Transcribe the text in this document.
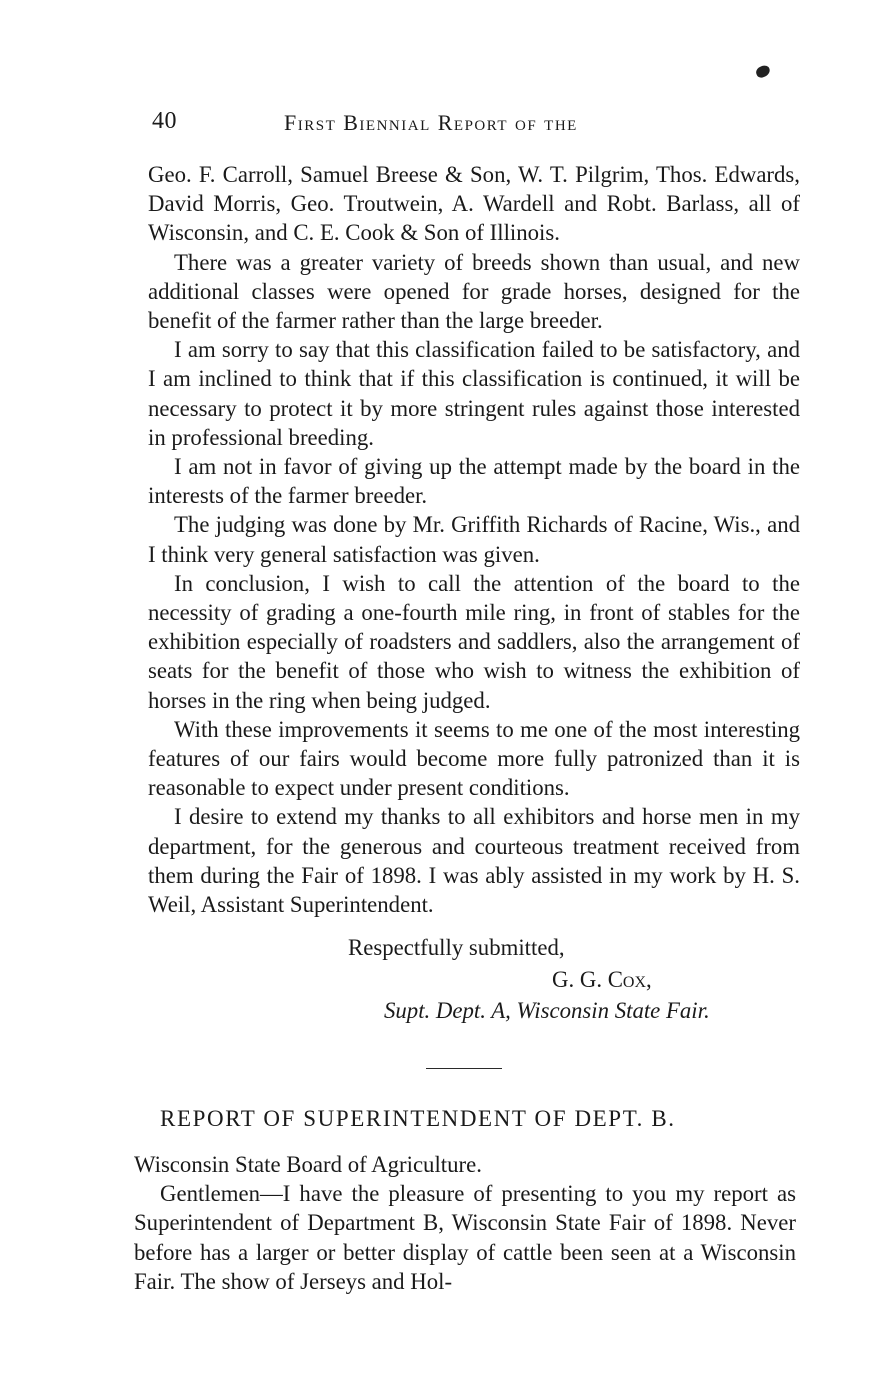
40	First Biennial Report of the

Geo. F. Carroll, Samuel Breese & Son, W. T. Pilgrim, Thos. Edwards, David Morris, Geo. Troutwein, A. Wardell and Robt. Barlass, all of Wisconsin, and C. E. Cook & Son of Illinois.

There was a greater variety of breeds shown than usual, and new additional classes were opened for grade horses, designed for the benefit of the farmer rather than the large breeder.

I am sorry to say that this classification failed to be satisfactory, and I am inclined to think that if this classification is continued, it will be necessary to protect it by more stringent rules against those interested in professional breeding.

I am not in favor of giving up the attempt made by the board in the interests of the farmer breeder.

The judging was done by Mr. Griffith Richards of Racine, Wis., and I think very general satisfaction was given.

In conclusion, I wish to call the attention of the board to the necessity of grading a one-fourth mile ring, in front of stables for the exhibition especially of roadsters and saddlers, also the arrangement of seats for the benefit of those who wish to witness the exhibition of horses in the ring when being judged.

With these improvements it seems to me one of the most interesting features of our fairs would become more fully patronized than it is reasonable to expect under present conditions.

I desire to extend my thanks to all exhibitors and horse men in my department, for the generous and courteous treatment received from them during the Fair of 1898. I was ably assisted in my work by H. S. Weil, Assistant Superintendent.

Respectfully submitted,
G. G. Cox,
Supt. Dept. A, Wisconsin State Fair.
REPORT OF SUPERINTENDENT OF DEPT. B.

Wisconsin State Board of Agriculture.

Gentlemen—I have the pleasure of presenting to you my report as Superintendent of Department B, Wisconsin State Fair of 1898. Never before has a larger or better display of cattle been seen at a Wisconsin Fair. The show of Jerseys and Hol-
